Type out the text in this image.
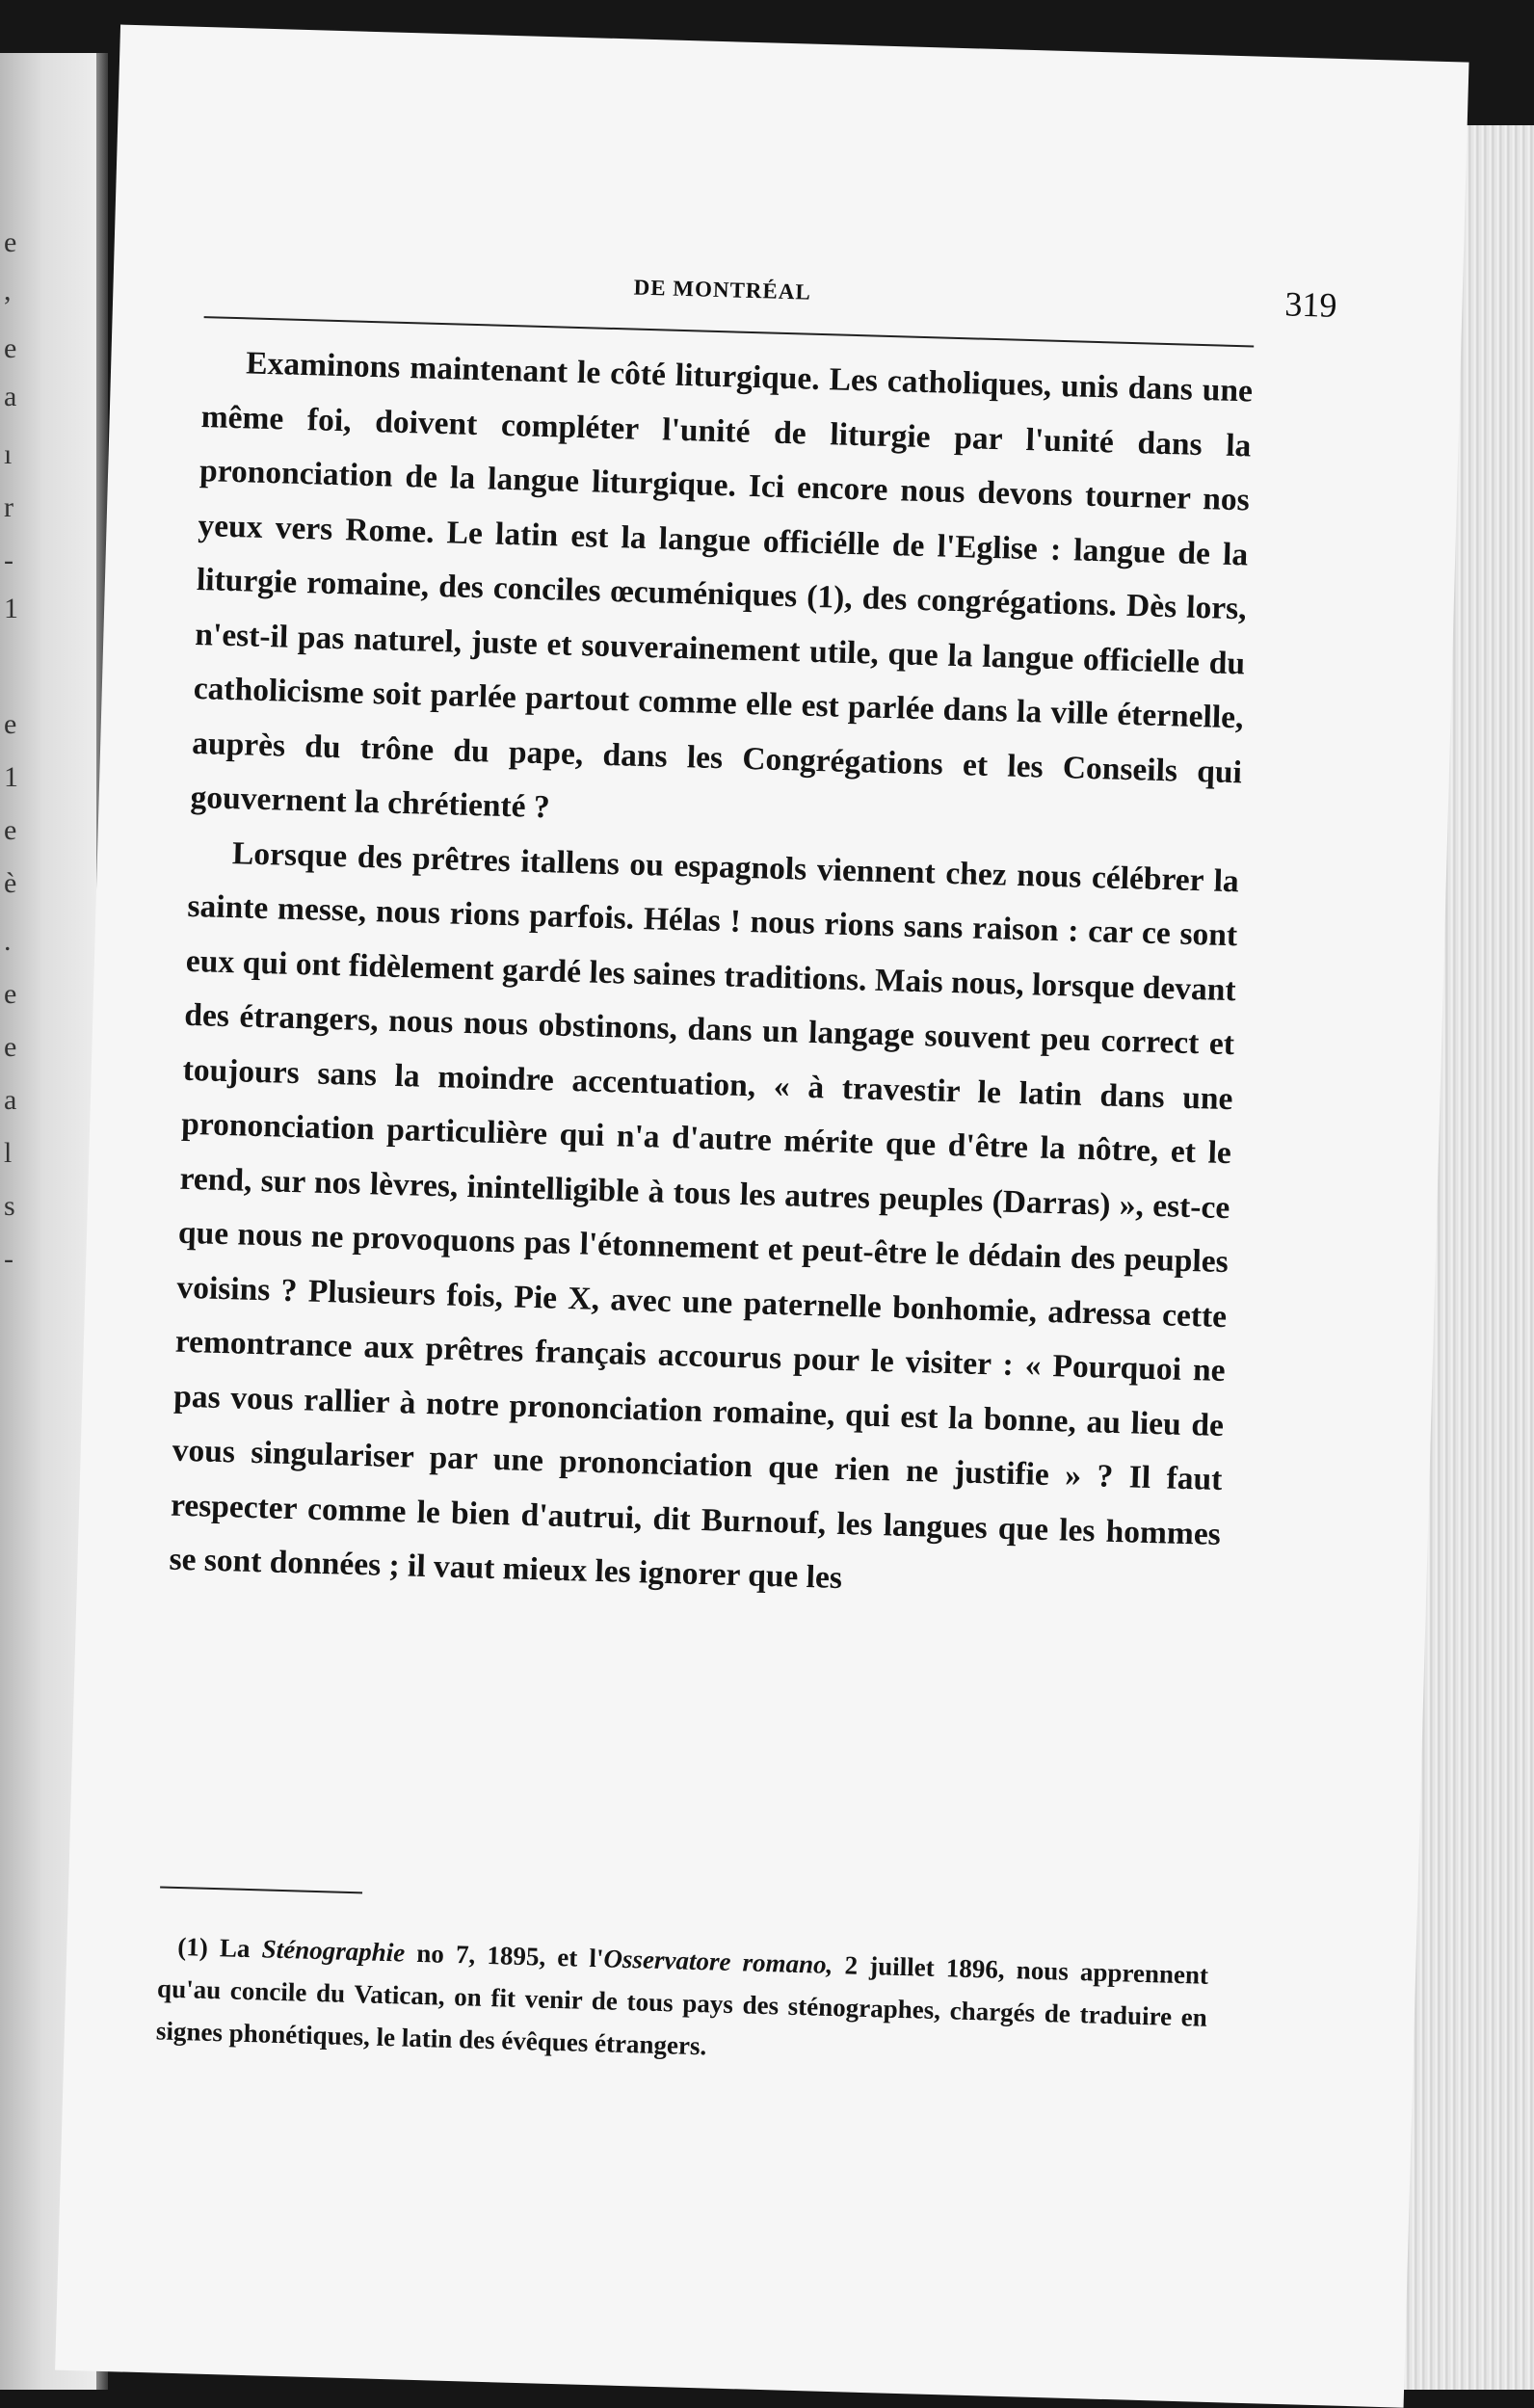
e
,
e
a
ı
r
-
1
e
1
e
è
.
e
e
a
l
s
-
DE MONTRÉAL	319

Examinons maintenant le côté liturgique. Les catholiques, unis dans une même foi, doivent compléter l'unité de liturgie par l'unité dans la prononciation de la langue liturgique. Ici encore nous devons tourner nos yeux vers Rome. Le latin est la langue officiélle de l'Eglise : langue de la liturgie romaine, des conciles œcuméniques (1), des congrégations. Dès lors, n'est-il pas naturel, juste et souverainement utile, que la langue officielle du catholicisme soit parlée partout comme elle est parlée dans la ville éternelle, auprès du trône du pape, dans les Congrégations et les Conseils qui gouvernent la chrétienté ?

Lorsque des prêtres itallens ou espagnols viennent chez nous célébrer la sainte messe, nous rions parfois. Hélas ! nous rions sans raison : car ce sont eux qui ont fidèlement gardé les saines traditions. Mais nous, lorsque devant des étrangers, nous nous obstinons, dans un langage souvent peu correct et toujours sans la moindre accentuation, « à travestir le latin dans une prononciation particulière qui n'a d'autre mérite que d'être la nôtre, et le rend, sur nos lèvres, inintelligible à tous les autres peuples (Darras) », est-ce que nous ne provoquons pas l'étonnement et peut-être le dédain des peuples voisins ? Plusieurs fois, Pie X, avec une paternelle bonhomie, adressa cette remontrance aux prêtres français accourus pour le visiter : « Pourquoi ne pas vous rallier à notre prononciation romaine, qui est la bonne, au lieu de vous singulariser par une prononciation que rien ne justifie » ? Il faut respecter comme le bien d'autrui, dit Burnouf, les langues que les hommes se sont données ; il vaut mieux les ignorer que les

(1) La Sténographie no 7, 1895, et l'Osservatore romano, 2 juillet 1896, nous apprennent qu'au concile du Vatican, on fit venir de tous pays des sténographes, chargés de traduire en signes phonétiques, le latin des évêques étrangers.
